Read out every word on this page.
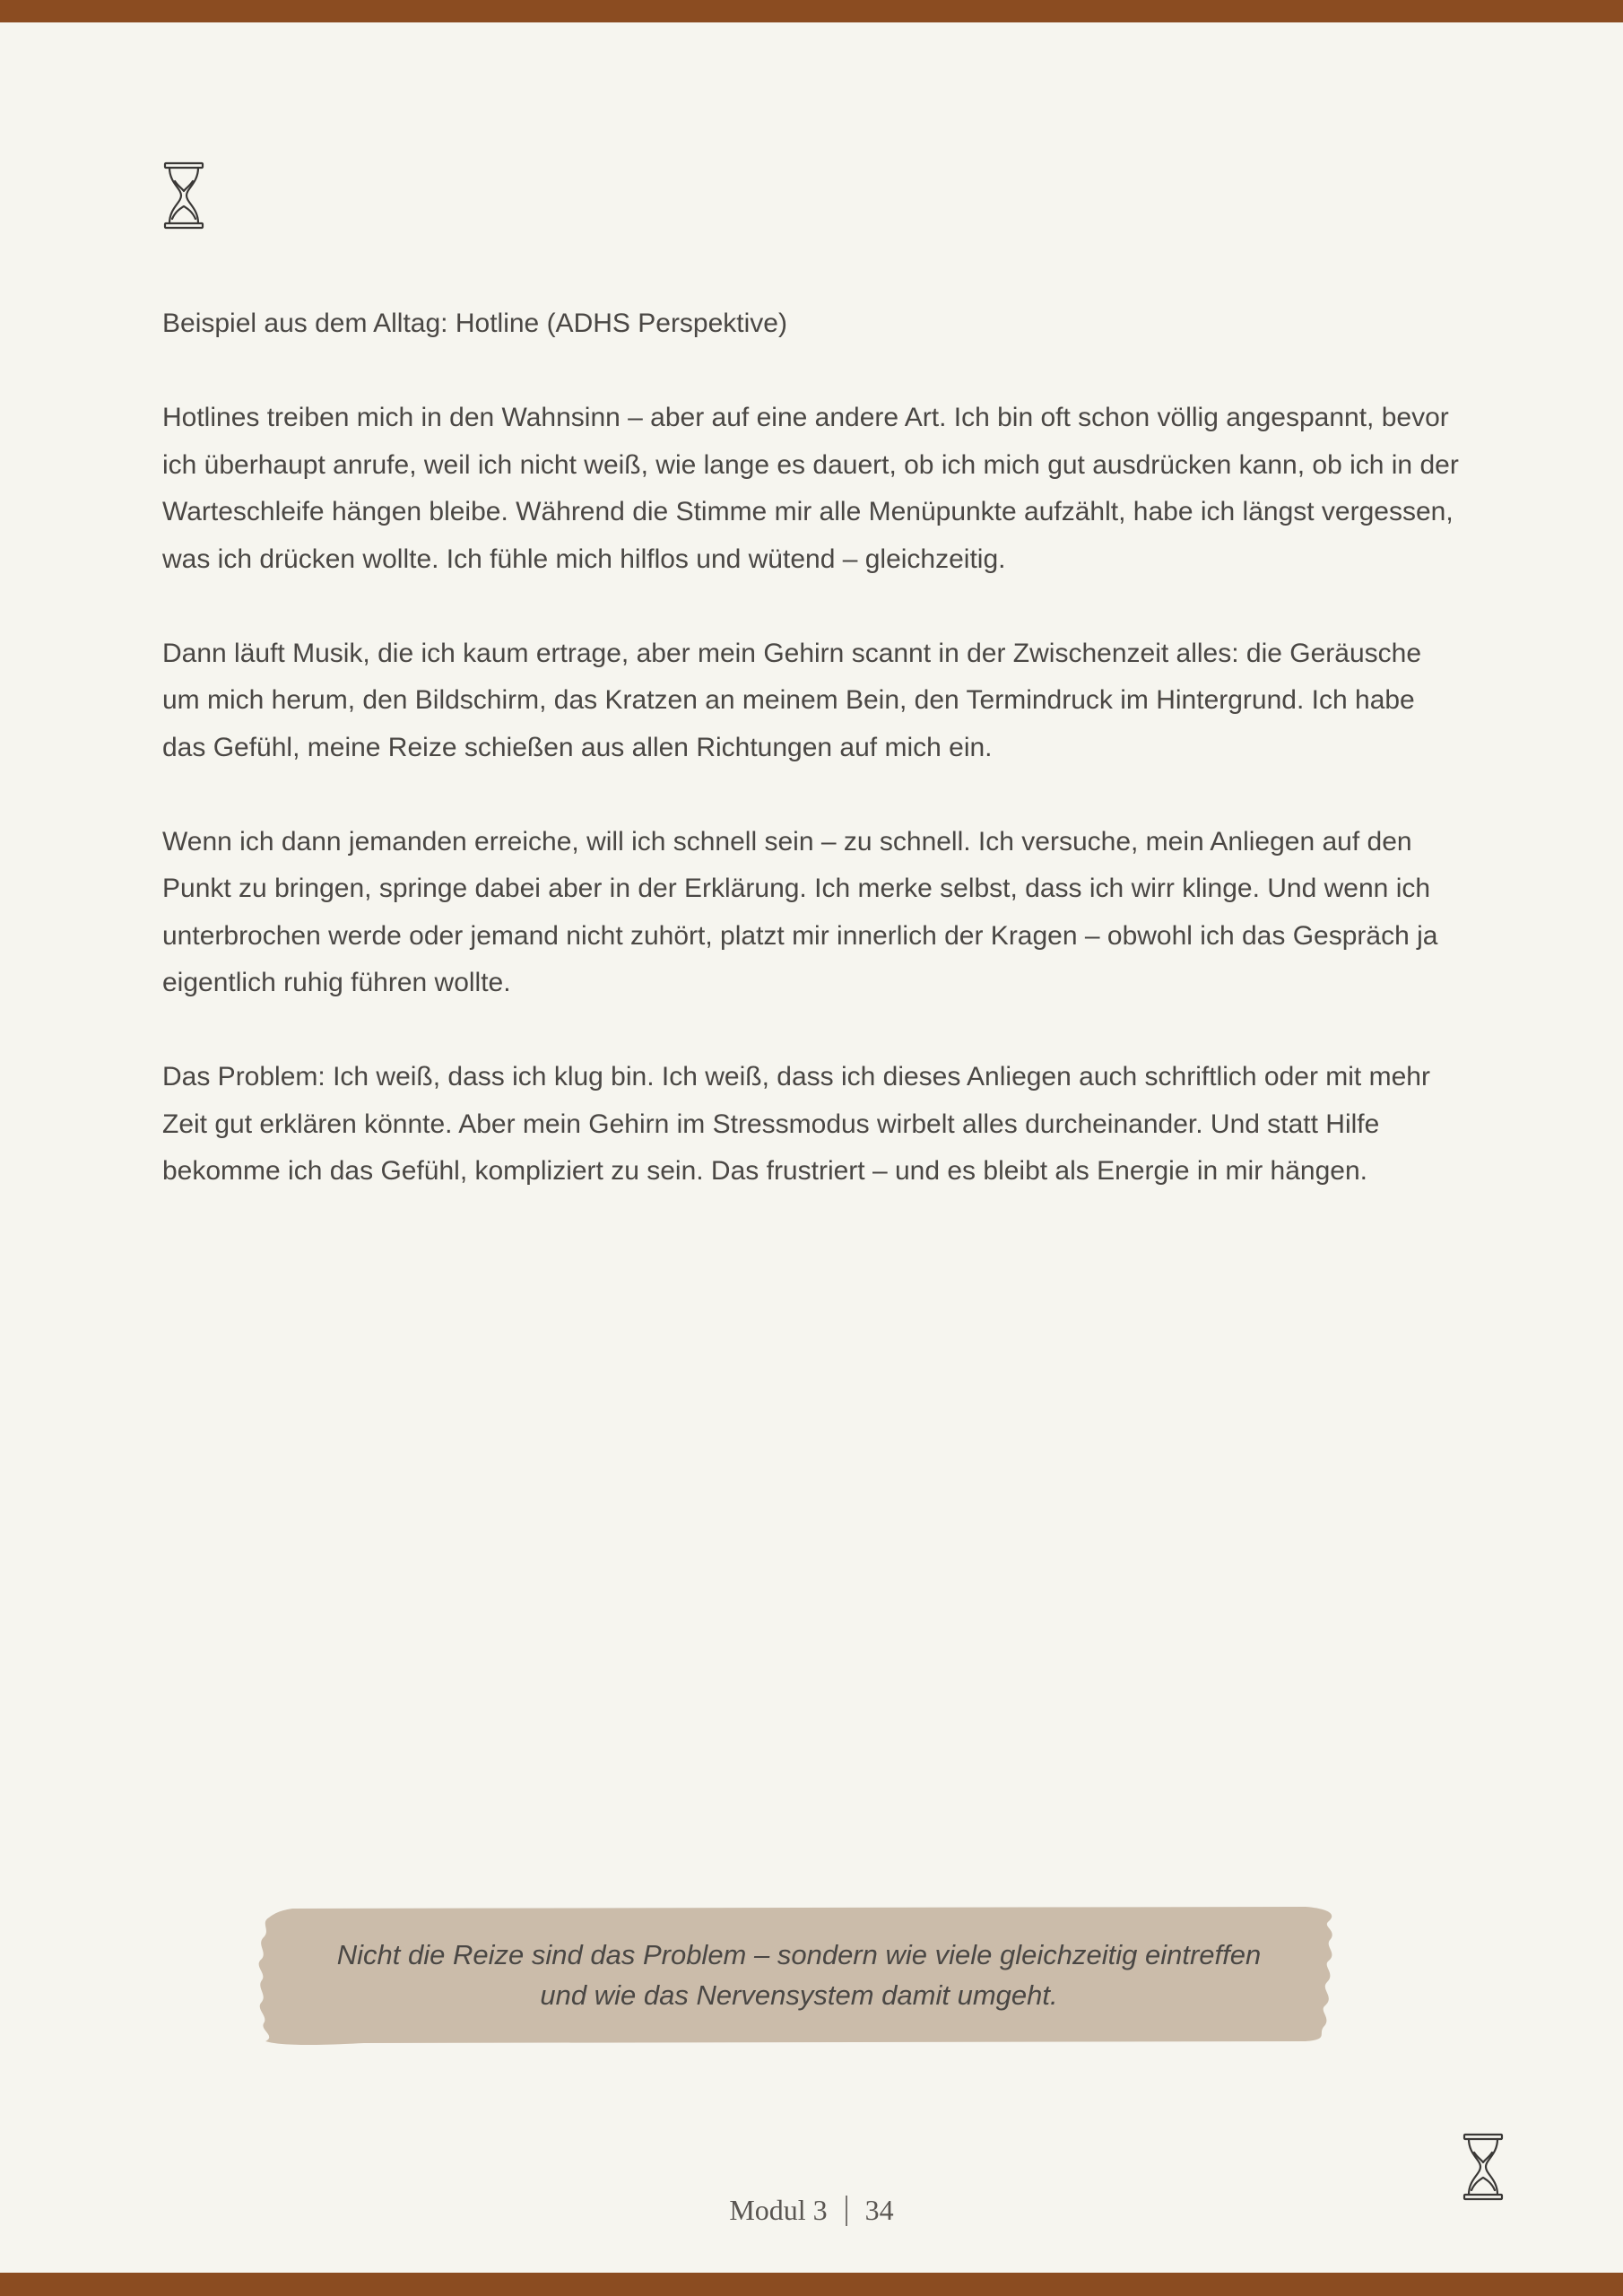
Beispiel aus dem Alltag: Hotline (ADHS Perspektive)

Hotlines treiben mich in den Wahnsinn – aber auf eine andere Art. Ich bin oft schon völlig angespannt, bevor ich überhaupt anrufe, weil ich nicht weiß, wie lange es dauert, ob ich mich gut ausdrücken kann, ob ich in der Warteschleife hängen bleibe. Während die Stimme mir alle Menüpunkte aufzählt, habe ich längst vergessen, was ich drücken wollte. Ich fühle mich hilflos und wütend – gleichzeitig.

Dann läuft Musik, die ich kaum ertrage, aber mein Gehirn scannt in der Zwischenzeit alles: die Geräusche um mich herum, den Bildschirm, das Kratzen an meinem Bein, den Termindruck im Hintergrund. Ich habe das Gefühl, meine Reize schießen aus allen Richtungen auf mich ein.

Wenn ich dann jemanden erreiche, will ich schnell sein – zu schnell. Ich versuche, mein Anliegen auf den Punkt zu bringen, springe dabei aber in der Erklärung. Ich merke selbst, dass ich wirr klinge. Und wenn ich unterbrochen werde oder jemand nicht zuhört, platzt mir innerlich der Kragen – obwohl ich das Gespräch ja eigentlich ruhig führen wollte.

Das Problem: Ich weiß, dass ich klug bin. Ich weiß, dass ich dieses Anliegen auch schriftlich oder mit mehr Zeit gut erklären könnte. Aber mein Gehirn im Stressmodus wirbelt alles durcheinander. Und statt Hilfe bekomme ich das Gefühl, kompliziert zu sein. Das frustriert – und es bleibt als Energie in mir hängen.

Nicht die Reize sind das Problem – sondern wie viele gleichzeitig eintreffen
und wie das Nervensystem damit umgeht.
Modul 3 34
